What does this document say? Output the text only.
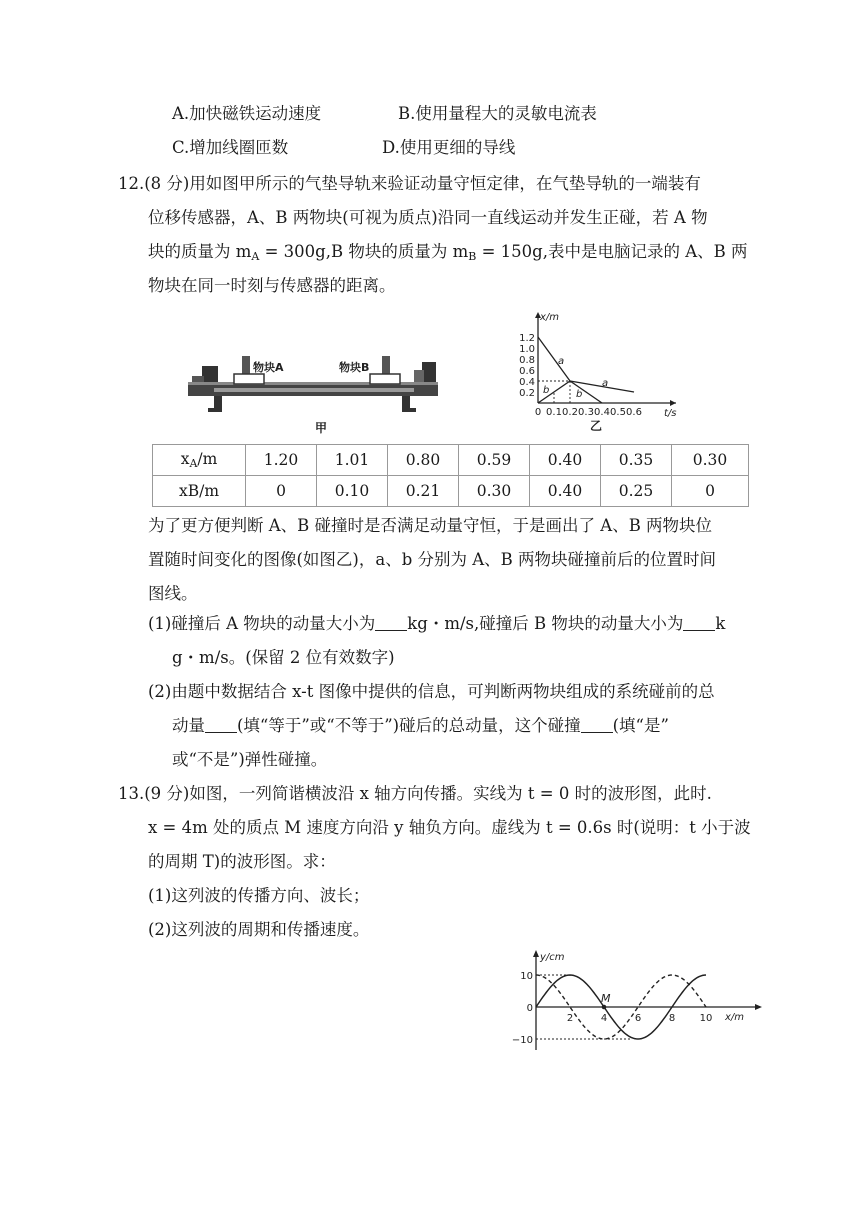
A.加快磁铁运动速度	B.使用量程大的灵敏电流表
C.增加线圈匝数	D.使用更细的导线
12.(8 分)用如图甲所示的气垫导轨来验证动量守恒定律，在气垫导轨的一端装有
位移传感器，A、B 两物块(可视为质点)沿同一直线运动并发生正碰，若 A 物
块的质量为 $m_A = 300g,B$ 物块的质量为 $m_B = 150g$,表中是电脑记录的 A、B 两
物块在同一时刻与传感器的距离。
物块A	物块B
甲
x/m
t/s
1.2
1.0
0.8
0.6
0.4
0.2
0 0.1 0.2 0.3 0.4 0.5 0.6
a
a
b	b
乙
$x_A/m$	1.20	1.01	0.80	0.59	0.40	0.35	0.30
xB/m	0	0.10	0.21	0.30	0.40	0.25	0
为了更方便判断 A、B 碰撞时是否满足动量守恒，于是画出了 A、B 两物块位
置随时间变化的图像(如图乙)，a、b 分别为 A、B 两物块碰撞前后的位置时间
图线。
(1)碰撞后 A 物块的动量大小为 kg・m/s,碰撞后 B 物块的动量大小为 k
g・m/s。(保留 2 位有效数字)
(2)由题中数据结合 x-t 图像中提供的信息，可判断两物块组成的系统碰前的总
动量 (填“等于”或“不等于”)碰后的总动量，这个碰撞 (填“是”
或“不是”)弹性碰撞。
13.(9 分)如图，一列简谐横波沿 x 轴方向传播。实线为 t = 0 时的波形图，此时.
x = 4m 处的质点 M 速度方向沿 y 轴负方向。虚线为 t = 0.6s 时(说明：t 小于波
的周期 T)的波形图。求：
(1)这列波的传播方向、波长；
(2)这列波的周期和传播速度。
y/cm
x/m
10
0
−10
2	4	6	8 10
M
